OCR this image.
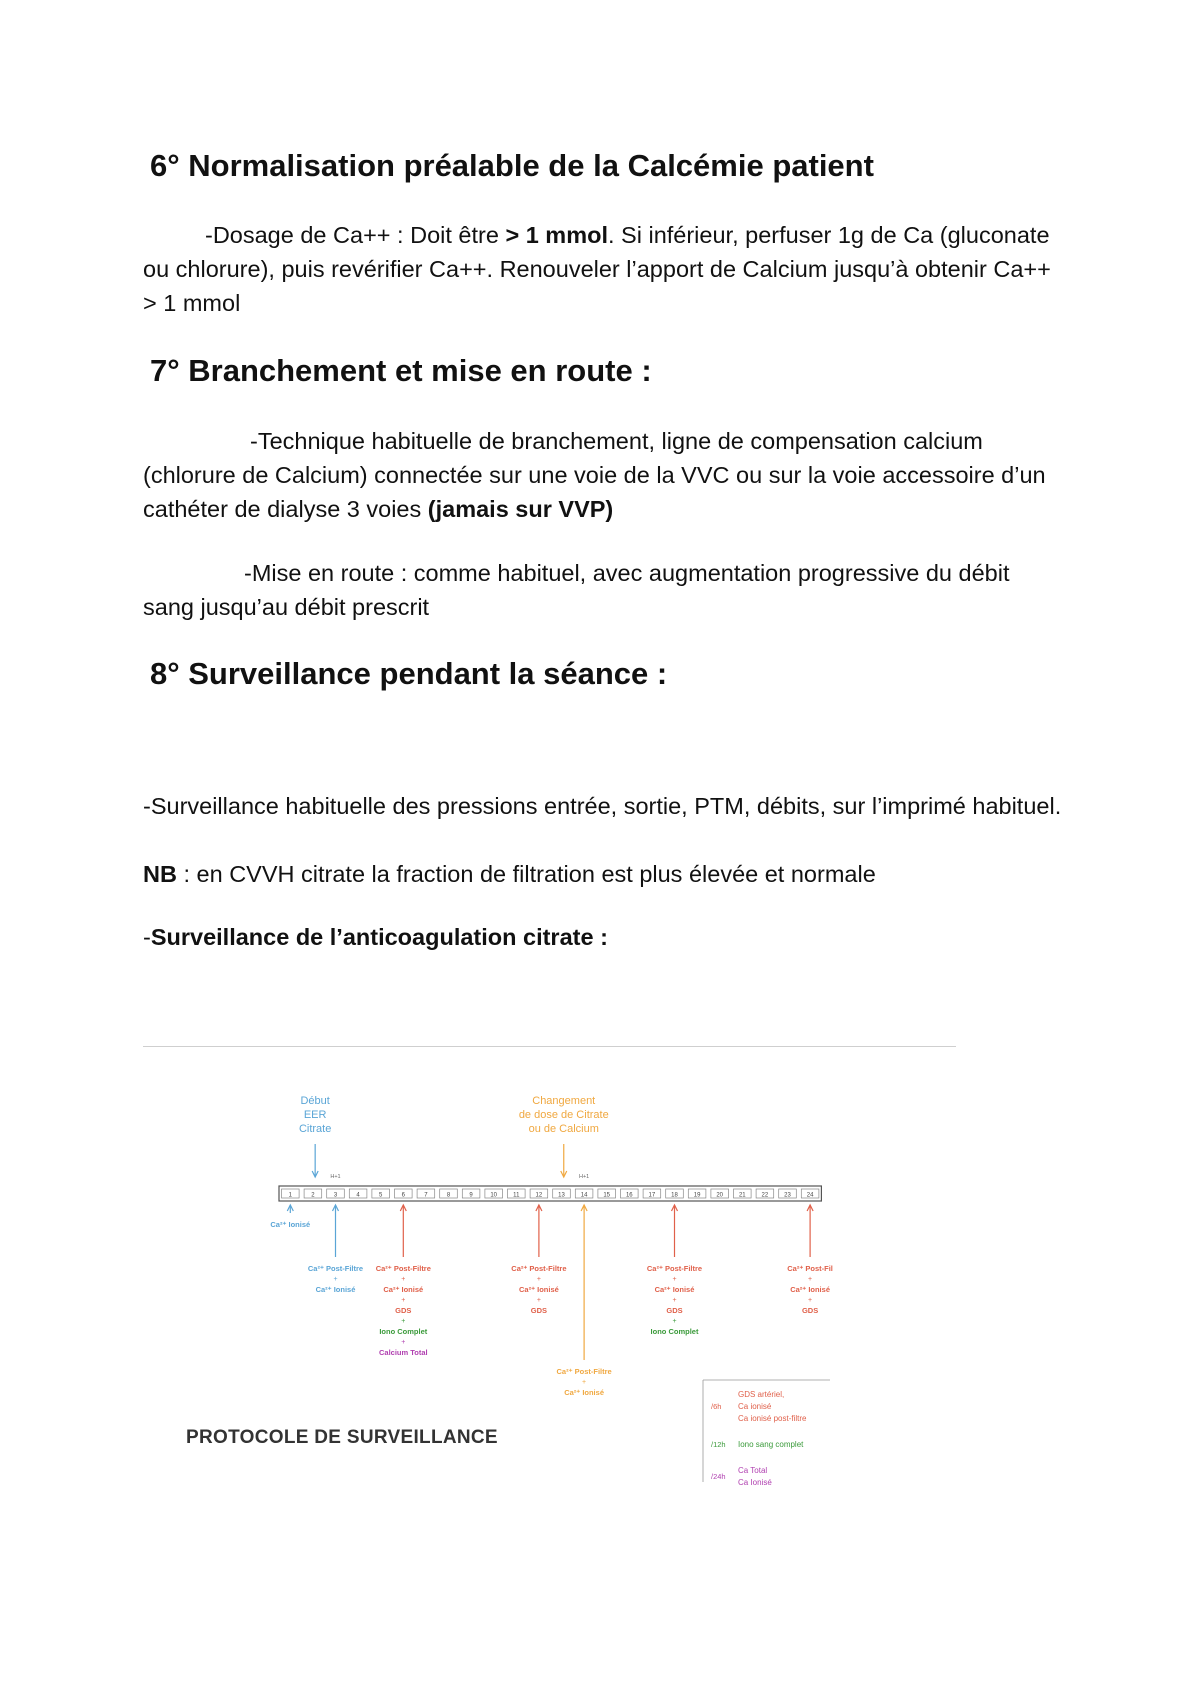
6° Normalisation préalable de la Calcémie patient
-Dosage de Ca++ : Doit être > 1 mmol. Si inférieur, perfuser 1g de Ca (gluconate ou chlorure), puis revérifier Ca++. Renouveler l’apport de Calcium jusqu’à obtenir Ca++ > 1 mmol
7° Branchement et mise en route :
-Technique habituelle de branchement, ligne de compensation calcium (chlorure de Calcium) connectée sur une voie de la VVC ou sur la voie accessoire d’un cathéter de dialyse 3 voies (jamais sur VVP)
-Mise en route : comme habituel, avec augmentation progressive du débit sang jusqu’au débit prescrit
8° Surveillance pendant la séance :
-Surveillance habituelle des pressions entrée, sortie, PTM, débits, sur l’imprimé habituel.
NB : en CVVH citrate la fraction de filtration est plus élevée et normale
-Surveillance de l’anticoagulation citrate :
1	2	3	4	5	6	7	8	9	10	11	12	13	14	15	16	17	18	19	20	21	22	23	24
Début
EER
Citrate
H+1
Changement
de dose de Citrate
ou de Calcium
H+1
Ca²⁺ Ionisé
Ca²⁺ Post-Filtre
+
Ca²⁺ Ionisé
Ca²⁺ Post-Filtre
+
Ca²⁺ Ionisé
+
GDS
+
Iono Complet
+
Calcium Total
Ca²⁺ Post-Filtre
+
Ca²⁺ Ionisé
+
GDS
Ca²⁺ Post-Filtre
+
Ca²⁺ Ionisé
Ca²⁺ Post-Filtre
+
Ca²⁺ Ionisé
+
GDS
+
Iono Complet
Ca²⁺ Post-Fil
+
Ca²⁺ Ionisé
+
GDS
/6h
GDS artériel,
Ca ionisé
Ca ionisé post-filtre
/12h Iono sang complet
/24h
Ca Total
Ca Ionisé
PROTOCOLE DE SURVEILLANCE
